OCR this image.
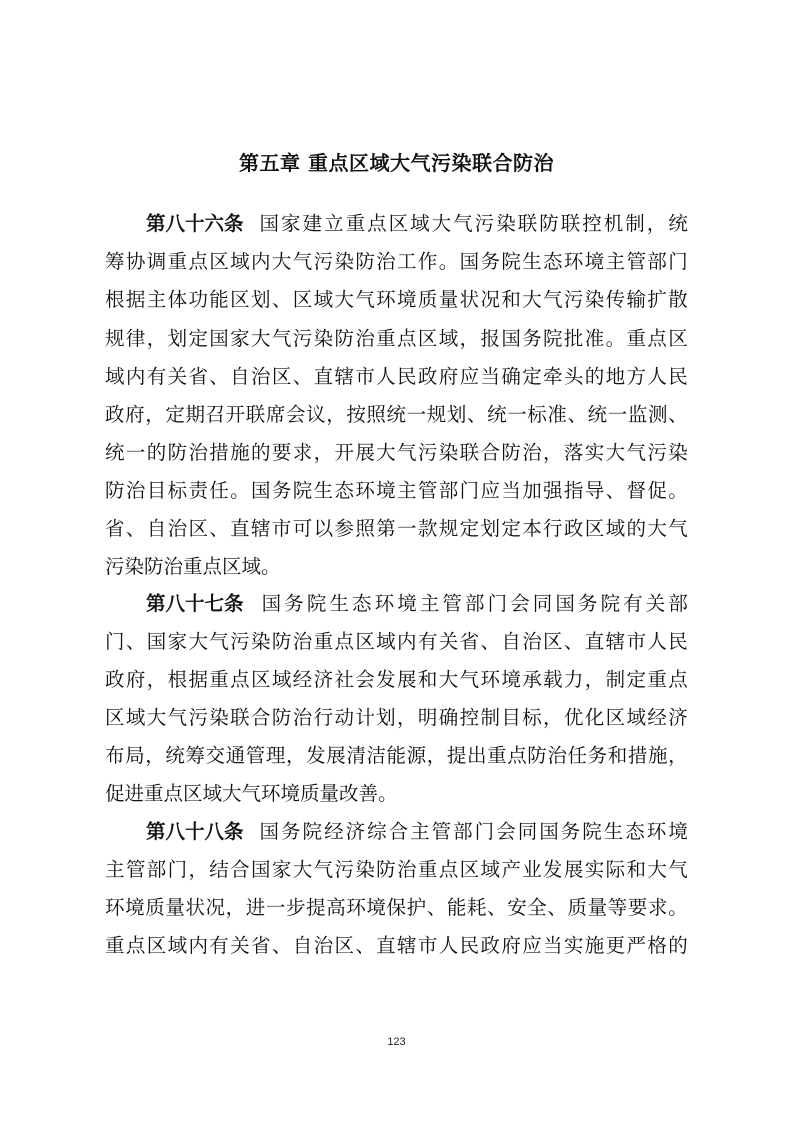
第五章 重点区域大气污染联合防治
第八十六条 国 家 建 立 重 点 区 域 大 气 污 染 联 防 联 控 机 制 ， 统
筹 协 调 重 点 区 域 内 大 气 污 染 防 治 工 作 。 国 务 院 生 态 环 境 主 管 部 门
根 据 主 体 功 能 区 划 、 区 域 大 气 环 境 质 量 状 况 和 大 气 污 染 传 输 扩 散
规 律 ， 划 定 国 家 大 气 污 染 防 治 重 点 区 域 ， 报 国 务 院 批 准 。 重 点 区
域 内 有 关 省 、 自 治 区 、 直 辖 市 人 民 政 府 应 当 确 定 牵 头 的 地 方 人 民
政 府 ， 定 期 召 开 联 席 会 议 ， 按 照 统 一 规 划 、 统 一 标 准 、 统 一 监 测 、
统 一 的 防 治 措 施 的 要 求 ， 开 展 大 气 污 染 联 合 防 治 ， 落 实 大 气 污 染
防 治 目 标 责 任 。 国 务 院 生 态 环 境 主 管 部 门 应 当 加 强 指 导 、 督 促 。
省 、 自 治 区 、 直 辖 市 可 以 参 照 第 一 款 规 定 划 定 本 行 政 区 域 的 大 气
污染防治重点区域。
第八十七条 国 务 院 生 态 环 境 主 管 部 门 会 同 国 务 院 有 关 部
门 、 国 家 大 气 污 染 防 治 重 点 区 域 内 有 关 省 、 自 治 区 、 直 辖 市 人 民
政 府 ， 根 据 重 点 区 域 经 济 社 会 发 展 和 大 气 环 境 承 载 力 ， 制 定 重 点
区 域 大 气 污 染 联 合 防 治 行 动 计 划 ， 明 确 控 制 目 标 ， 优 化 区 域 经 济
布 局 ， 统 筹 交 通 管 理 ， 发 展 清 洁 能 源 ， 提 出 重 点 防 治 任 务 和 措 施 ，
促进重点区域大气环境质量改善。
第八十八条 国 务 院 经 济 综 合 主 管 部 门 会 同 国 务 院 生 态 环 境
主 管 部 门 ， 结 合 国 家 大 气 污 染 防 治 重 点 区 域 产 业 发 展 实 际 和 大 气
环 境 质 量 状 况 ， 进 一 步 提 高 环 境 保 护 、 能 耗 、 安 全 、 质 量 等 要 求 。
重 点 区 域 内 有 关 省 、 自 治 区 、 直 辖 市 人 民 政 府 应 当 实 施 更 严 格 的
123
